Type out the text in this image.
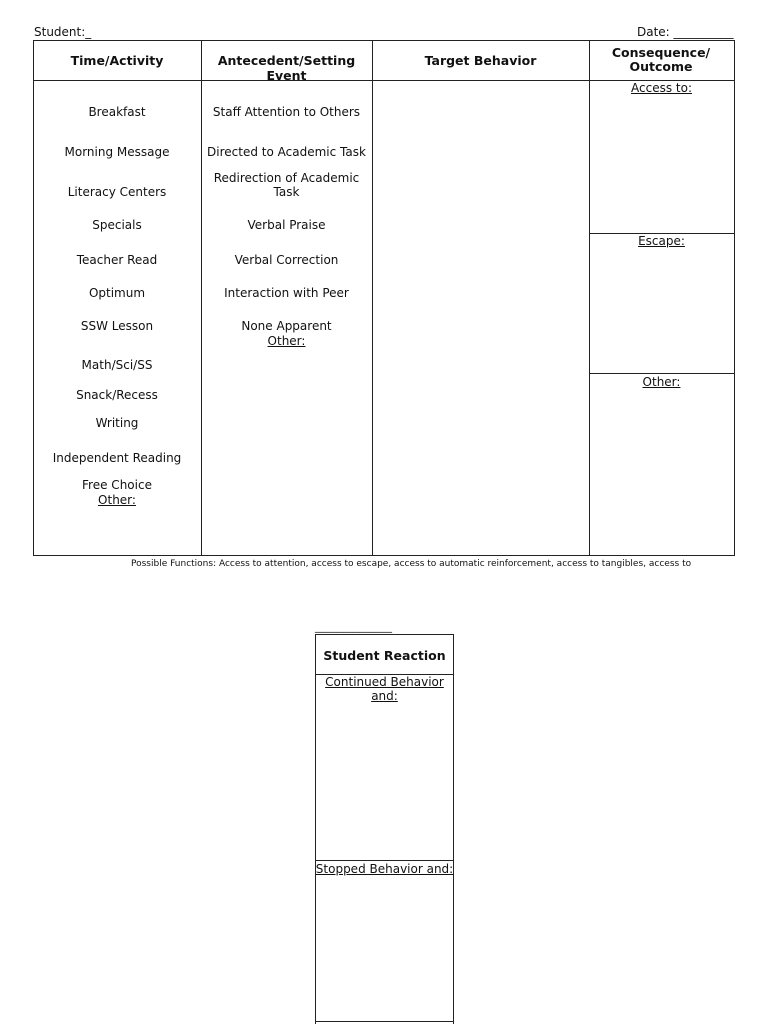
Student:_	Date: __________
Time/Activity	Antecedent/Setting Event
Target Behavior
Consequence/ Outcome
Breakfast
Morning Message
Literacy Centers
Specials
Teacher Read
Optimum
SSW Lesson
Math/Sci/SS
Snack/Recess
Writing
Independent Reading
Free Choice
Other:
Staff Attention to Others
Directed to Academic Task
Redirection of Academic Task
Verbal Praise
Verbal Correction
Interaction with Peer
None Apparent
Other:
Access to:
Escape:
Other:
Possible Functions: Access to attention, access to escape, access to automatic reinforcement, access to tangibles, access to
______________
Student Reaction
Continued Behavior and:
Stopped Behavior and:
